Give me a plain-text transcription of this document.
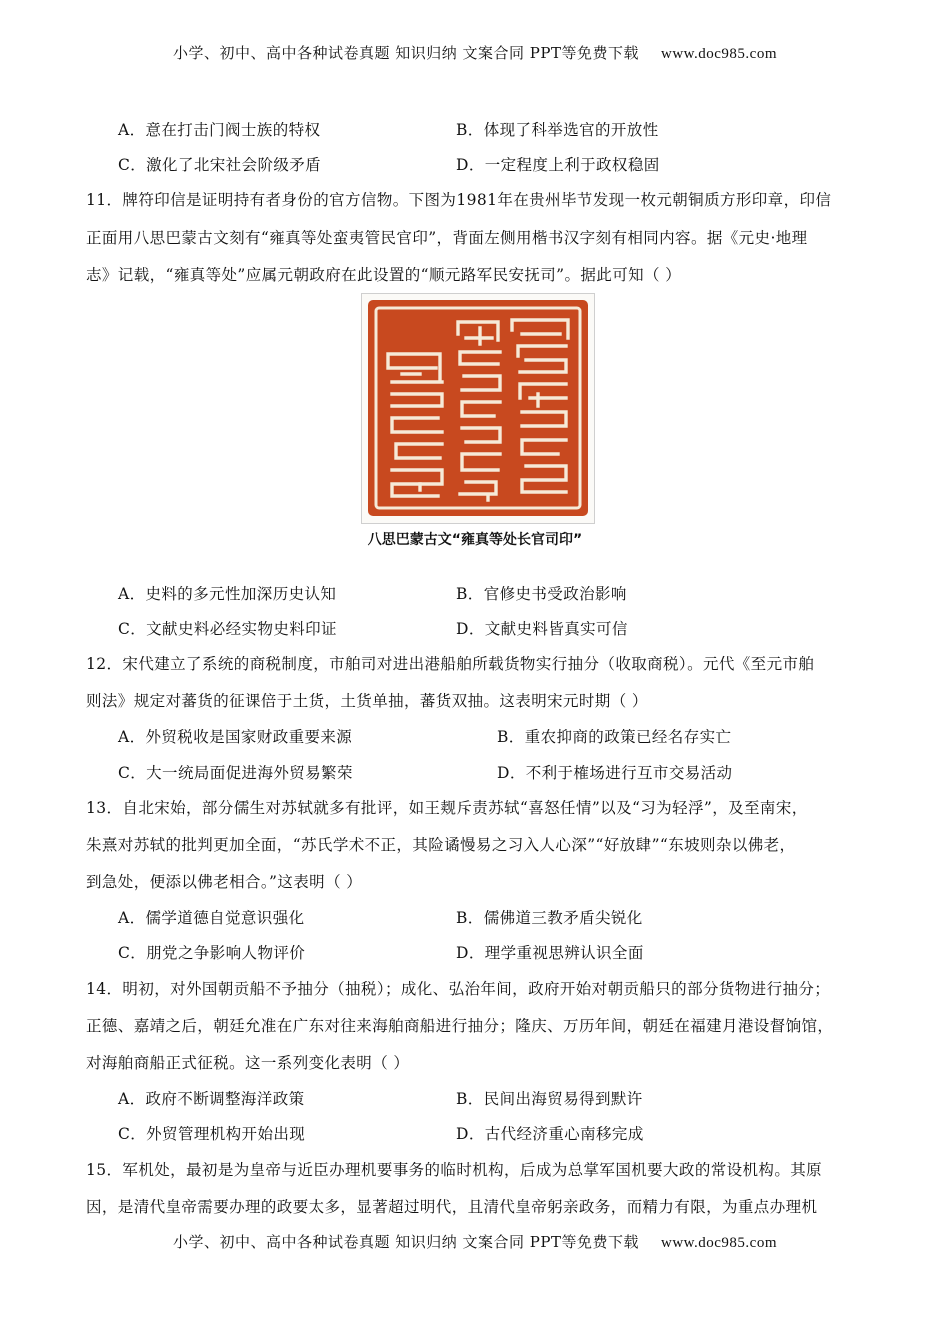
小学、初中、高中各种试卷真题 知识归纳 文案合同 PPT等免费下载 www.doc985.com
A．意在打击门阀士族的特权	B．体现了科举选官的开放性
C．激化了北宋社会阶级矛盾	D．一定程度上利于政权稳固
11．牌符印信是证明持有者身份的官方信物。下图为1981年在贵州毕节发现一枚元朝铜质方形印章，印信
正面用八思巴蒙古文刻有“雍真等处蛮夷管民官印”，背面左侧用楷书汉字刻有相同内容。据《元史·地理
志》记载，“雍真等处”应属元朝政府在此设置的“顺元路军民安抚司”。据此可知（ ）
八思巴蒙古文“雍真等处长官司印”
A．史料的多元性加深历史认知	B．官修史书受政治影响
C．文献史料必经实物史料印证	D．文献史料皆真实可信
12．宋代建立了系统的商税制度，市舶司对进出港船舶所载货物实行抽分（收取商税）。元代《至元市舶
则法》规定对蕃货的征课倍于土货，土货单抽，蕃货双抽。这表明宋元时期（ ）
A．外贸税收是国家财政重要来源	B．重农抑商的政策已经名存实亡
C．大一统局面促进海外贸易繁荣	D．不利于榷场进行互市交易活动
13．自北宋始，部分儒生对苏轼就多有批评，如王觌斥责苏轼“喜怒任情”以及“习为轻浮”，及至南宋，
朱熹对苏轼的批判更加全面，“苏氏学术不正，其险谲慢易之习入人心深”“好放肆”“东坡则杂以佛老，
到急处，便添以佛老相合。”这表明（ ）
A．儒学道德自觉意识强化	B．儒佛道三教矛盾尖锐化
C．朋党之争影响人物评价	D．理学重视思辨认识全面
14．明初，对外国朝贡船不予抽分（抽税）；成化、弘治年间，政府开始对朝贡船只的部分货物进行抽分；
正德、嘉靖之后，朝廷允准在广东对往来海舶商船进行抽分；隆庆、万历年间，朝廷在福建月港设督饷馆，
对海舶商船正式征税。这一系列变化表明（ ）
A．政府不断调整海洋政策	B．民间出海贸易得到默许
C．外贸管理机构开始出现	D．古代经济重心南移完成
15．军机处，最初是为皇帝与近臣办理机要事务的临时机构，后成为总掌军国机要大政的常设机构。其原
因，是清代皇帝需要办理的政要太多，显著超过明代，且清代皇帝躬亲政务，而精力有限，为重点办理机
小学、初中、高中各种试卷真题 知识归纳 文案合同 PPT等免费下载 www.doc985.com
